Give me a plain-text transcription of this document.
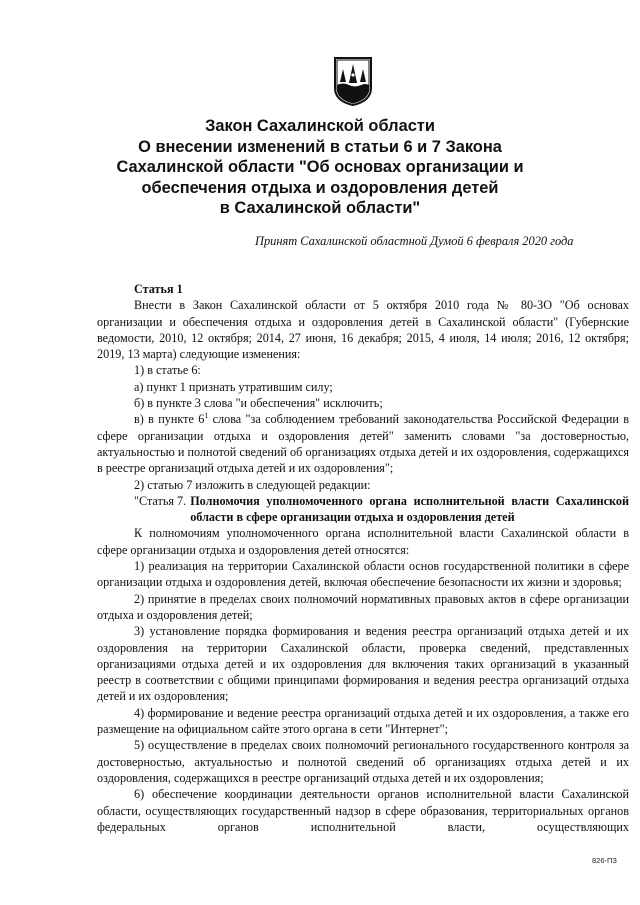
Закон Сахалинской области
О внесении изменений в статьи 6 и 7 Закона
Сахалинской области "Об основах организации и
обеспечения отдыха и оздоровления детей
в Сахалинской области"
Принят Сахалинской областной Думой 6 февраля 2020 года

Статья 1

Внести в Закон Сахалинской области от 5 октября 2010 года № 80-ЗО "Об основах организации и обеспечения отдыха и оздоровления детей в Сахалинской области" (Губернские ведомости, 2010, 12 октября; 2014, 27 июня, 16 декабря; 2015, 4 июля, 14 июля; 2016, 12 октября; 2019, 13 марта) следующие изменения:

1) в статье 6:

а) пункт 1 признать утратившим силу;

б) в пункте 3 слова "и обеспечения" исключить;

в) в пункте $6^1$ слова "за соблюдением требований законодательства Российской Федерации в сфере организации отдыха и оздоровления детей" заменить словами "за достоверностью, актуальностью и полнотой сведений об организациях отдыха детей и их оздоровления, содержащихся в реестре организаций отдыха детей и их оздоровления";

2) статью 7 изложить в следующей редакции:

"Статья 7. Полномочия уполномоченного органа исполнительной власти Сахалинской области в сфере организации отдыха и оздоровления детей

К полномочиям уполномоченного органа исполнительной власти Сахалинской области в сфере организации отдыха и оздоровления детей относятся:

1) реализация на территории Сахалинской области основ государственной политики в сфере организации отдыха и оздоровления детей, включая обеспечение безопасности их жизни и здоровья;

2) принятие в пределах своих полномочий нормативных правовых актов в сфере организации отдыха и оздоровления детей;

3) установление порядка формирования и ведения реестра организаций отдыха детей и их оздоровления на территории Сахалинской области, проверка сведений, представленных организациями отдыха детей и их оздоровления для включения таких организаций в указанный реестр в соответствии с общими принципами формирования и ведения реестра организаций отдыха детей и их оздоровления;

4) формирование и ведение реестра организаций отдыха детей и их оздоровления, а также его размещение на официальном сайте этого органа в сети "Интернет";

5) осуществление в пределах своих полномочий регионального государственного контроля за достоверностью, актуальностью и полнотой сведений об организациях отдыха детей и их оздоровления, содержащихся в реестре организаций отдыха детей и их оздоровления;

6) обеспечение координации деятельности органов исполнительной власти Сахалинской области, осуществляющих государственный надзор в сфере образования, территориальных органов федеральных органов исполнительной власти, осуществляющих

826-ПЗ
